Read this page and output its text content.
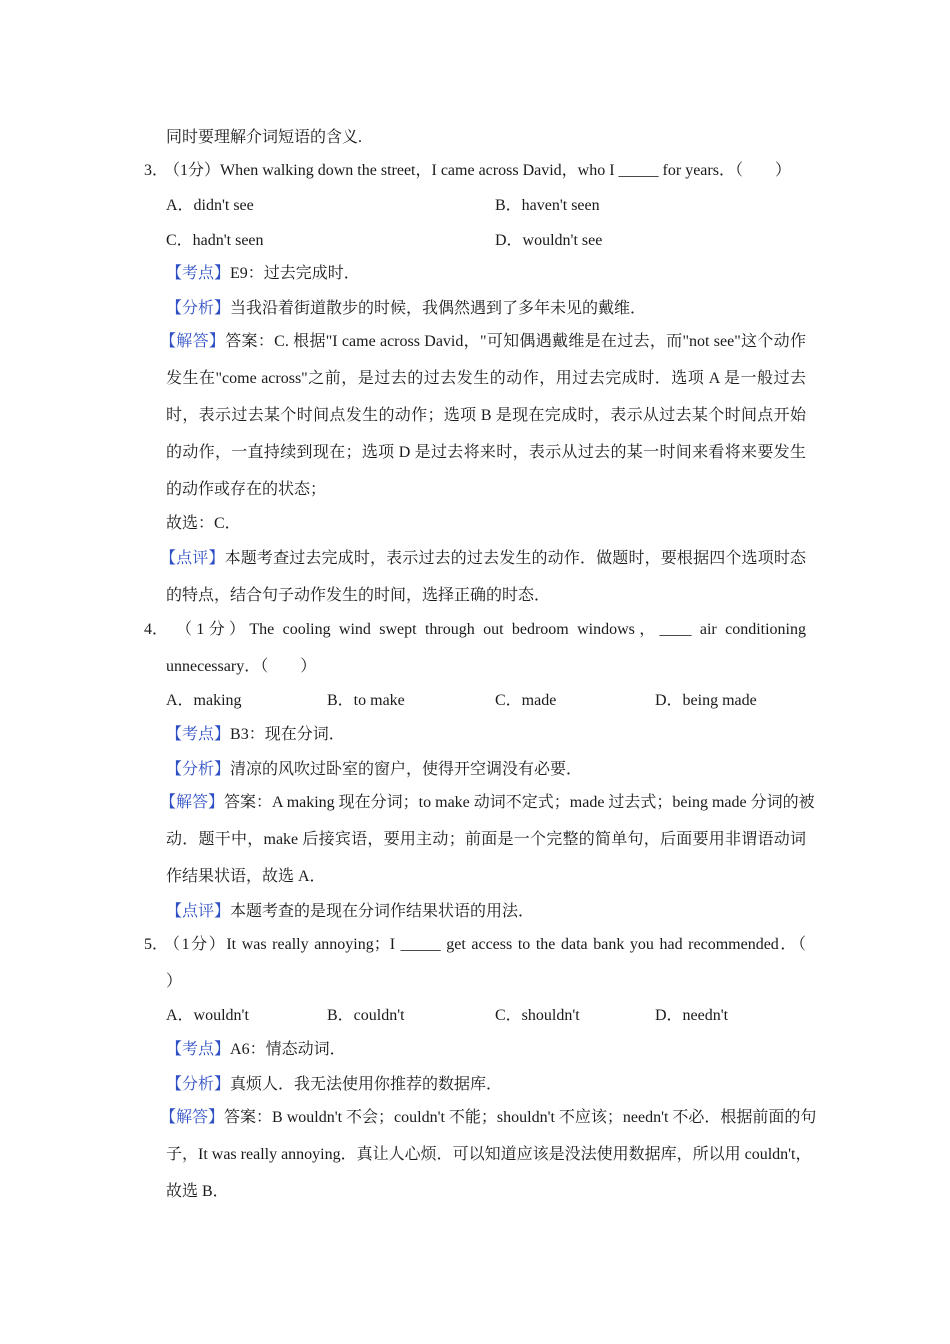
同时要理解介词短语的含义.
3．
（1分）When walking down the street，I came across David，who I _____ for years．（　　）
A．didn't see	B．haven't seen
C．hadn't seen	D．wouldn't see
【考点】E9：过去完成时．
【分析】当我沿着街道散步的时候，我偶然遇到了多年未见的戴维．
【解答】答案：C. 根据"I came across David，"可知偶遇戴维是在过去，而"not see"这个动作
发生在"come across"之前，是过去的过去发生的动作，用过去完成时．选项 A 是一般过去
时，表示过去某个时间点发生的动作；选项 B 是现在完成时，表示从过去某个时间点开始
的动作，一直持续到现在；选项 D 是过去将来时，表示从过去的某一时间来看将来要发生
的动作或存在的状态；
故选：C．
【点评】本题考查过去完成时，表示过去的过去发生的动作．做题时，要根据四个选项时态
的特点，结合句子动作发生的时间，选择正确的时态．
4． （1分）The cooling wind swept through out bedroom windows，____ air conditioning
unnecessary．（　　）
A．making	B．to make	C．made	D．being made
【考点】B3：现在分词．
【分析】清凉的风吹过卧室的窗户，使得开空调没有必要．
【解答】答案：A making 现在分词；to make 动词不定式；made 过去式；being made 分词的被
动．题干中，make 后接宾语，要用主动；前面是一个完整的简单句，后面要用非谓语动词
作结果状语，故选 A．
【点评】本题考查的是现在分词作结果状语的用法．
5．
（1分）It was really annoying；I _____ get access to the data bank you had recommended．（
）
A．wouldn't	B．couldn't	C．shouldn't	D．needn't
【考点】A6：情态动词．
【分析】真烦人．我无法使用你推荐的数据库．
【解答】答案：B wouldn't 不会；couldn't 不能；shouldn't 不应该；needn't 不必．根据前面的句
子，It was really annoying．真让人心烦．可以知道应该是没法使用数据库，所以用 couldn't，
故选 B．
